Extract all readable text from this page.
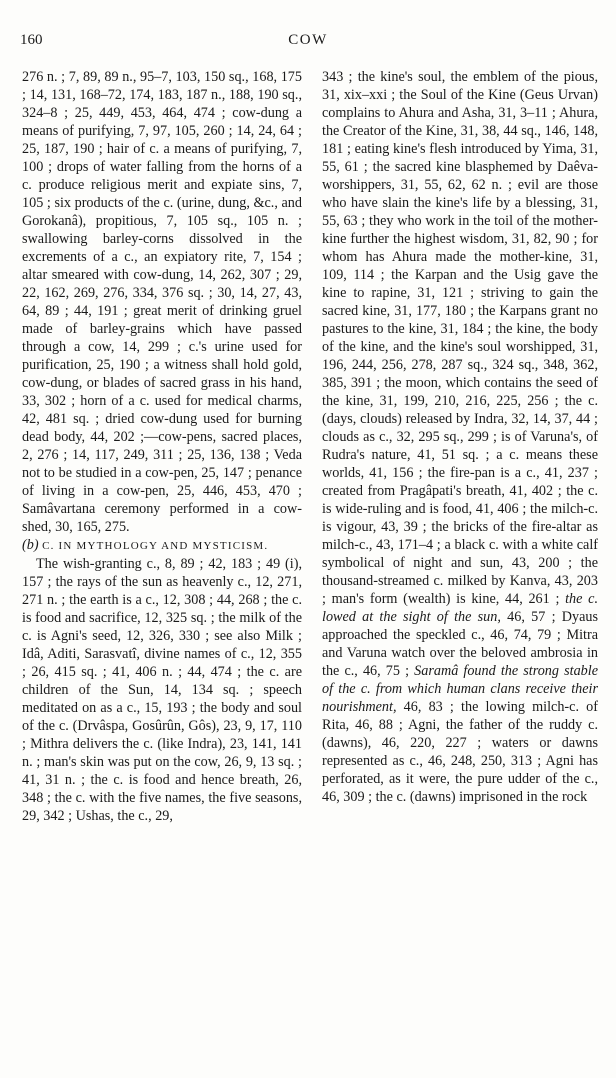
160	COW

276 n. ; 7, 89, 89 n., 95–7, 103, 150 sq., 168, 175 ; 14, 131, 168–72, 174, 183, 187 n., 188, 190 sq., 324–8 ; 25, 449, 453, 464, 474 ; cow-dung a means of purifying, 7, 97, 105, 260 ; 14, 24, 64 ; 25, 187, 190 ; hair of c. a means of purifying, 7, 100 ; drops of water falling from the horns of a c. produce religious merit and expiate sins, 7, 105 ; six products of the c. (urine, dung, &c., and Gorokanâ), propitious, 7, 105 sq., 105 n. ; swallowing barley-corns dissolved in the excrements of a c., an expiatory rite, 7, 154 ; altar smeared with cow-dung, 14, 262, 307 ; 29, 22, 162, 269, 276, 334, 376 sq. ; 30, 14, 27, 43, 64, 89 ; 44, 191 ; great merit of drinking gruel made of barley-grains which have passed through a cow, 14, 299 ; c.'s urine used for purification, 25, 190 ; a witness shall hold gold, cow-dung, or blades of sacred grass in his hand, 33, 302 ; horn of a c. used for medical charms, 42, 481 sq. ; dried cow-dung used for burning dead body, 44, 202 ;—cow-pens, sacred places, 2, 276 ; 14, 117, 249, 311 ; 25, 136, 138 ; Veda not to be studied in a cow-pen, 25, 147 ; penance of living in a cow-pen, 25, 446, 453, 470 ; Samâvartana ceremony performed in a cow-shed, 30, 165, 275.

(b) C. IN MYTHOLOGY AND MYSTICISM.

The wish-granting c., 8, 89 ; 42, 183 ; 49 (i), 157 ; the rays of the sun as heavenly c., 12, 271, 271 n. ; the earth is a c., 12, 308 ; 44, 268 ; the c. is food and sacrifice, 12, 325 sq. ; the milk of the c. is Agni's seed, 12, 326, 330 ; see also Milk ; Idâ, Aditi, Sarasvatî, divine names of c., 12, 355 ; 26, 415 sq. ; 41, 406 n. ; 44, 474 ; the c. are children of the Sun, 14, 134 sq. ; speech meditated on as a c., 15, 193 ; the body and soul of the c. (Drvâspa, Gosûrûn, Gôs), 23, 9, 17, 110 ; Mithra delivers the c. (like Indra), 23, 141, 141 n. ; man's skin was put on the cow, 26, 9, 13 sq. ; 41, 31 n. ; the c. is food and hence breath, 26, 348 ; the c. with the five names, the five seasons, 29, 342 ; Ushas, the c., 29,

343 ; the kine's soul, the emblem of the pious, 31, xix–xxi ; the Soul of the Kine (Geus Urvan) complains to Ahura and Asha, 31, 3–11 ; Ahura, the Creator of the Kine, 31, 38, 44 sq., 146, 148, 181 ; eating kine's flesh introduced by Yima, 31, 55, 61 ; the sacred kine blasphemed by Daêva-worshippers, 31, 55, 62, 62 n. ; evil are those who have slain the kine's life by a blessing, 31, 55, 63 ; they who work in the toil of the mother-kine further the highest wisdom, 31, 82, 90 ; for whom has Ahura made the mother-kine, 31, 109, 114 ; the Karpan and the Usig gave the kine to rapine, 31, 121 ; striving to gain the sacred kine, 31, 177, 180 ; the Karpans grant no pastures to the kine, 31, 184 ; the kine, the body of the kine, and the kine's soul worshipped, 31, 196, 244, 256, 278, 287 sq., 324 sq., 348, 362, 385, 391 ; the moon, which contains the seed of the kine, 31, 199, 210, 216, 225, 256 ; the c. (days, clouds) released by Indra, 32, 14, 37, 44 ; clouds as c., 32, 295 sq., 299 ; is of Varuna's, of Rudra's nature, 41, 51 sq. ; a c. means these worlds, 41, 156 ; the fire-pan is a c., 41, 237 ; created from Pragâpati's breath, 41, 402 ; the c. is wide-ruling and is food, 41, 406 ; the milch-c. is vigour, 43, 39 ; the bricks of the fire-altar as milch-c., 43, 171–4 ; a black c. with a white calf symbolical of night and sun, 43, 200 ; the thousand-streamed c. milked by Kanva, 43, 203 ; man's form (wealth) is kine, 44, 261 ; the c. lowed at the sight of the sun, 46, 57 ; Dyaus approached the speckled c., 46, 74, 79 ; Mitra and Varuna watch over the beloved ambrosia in the c., 46, 75 ; Saramâ found the strong stable of the c. from which human clans receive their nourishment, 46, 83 ; the lowing milch-c. of Rita, 46, 88 ; Agni, the father of the ruddy c. (dawns), 46, 220, 227 ; waters or dawns represented as c., 46, 248, 250, 313 ; Agni has perforated, as it were, the pure udder of the c., 46, 309 ; the c. (dawns) imprisoned in the rock
